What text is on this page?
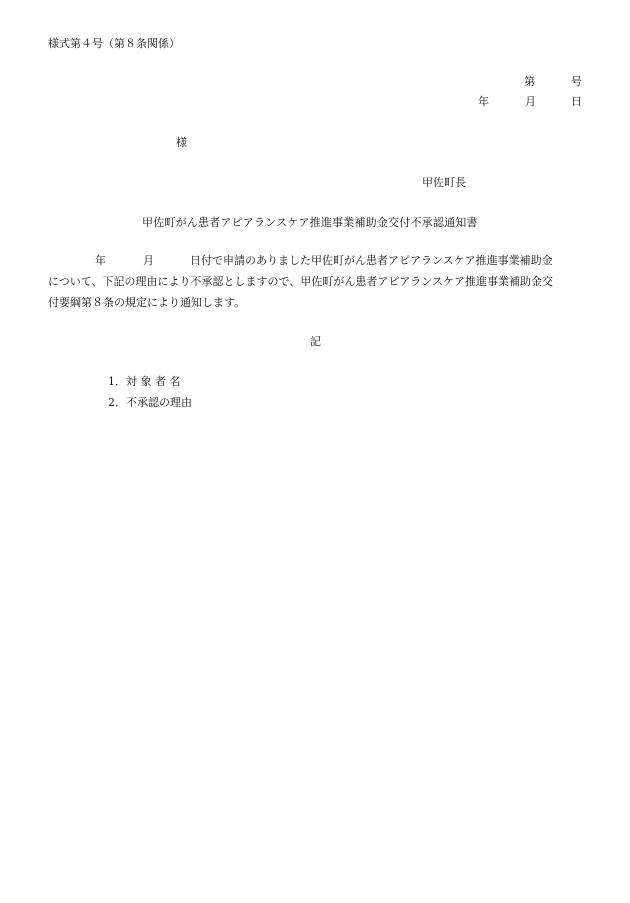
様式第４号（第８条関係）

第	号
年	月	日
様
甲佐町長
甲佐町がん患者アピアランスケア推進事業補助金交付不承認通知書
年	月	日付で申請のありました甲佐町がん患者アピアランスケア推進事業補助金
について、下記の理由により不承認としますので、甲佐町がん患者アピアランスケア推進事業補助金交
付要綱第８条の規定により通知します。
記
1．対 象 者 名
2．不承認の理由
